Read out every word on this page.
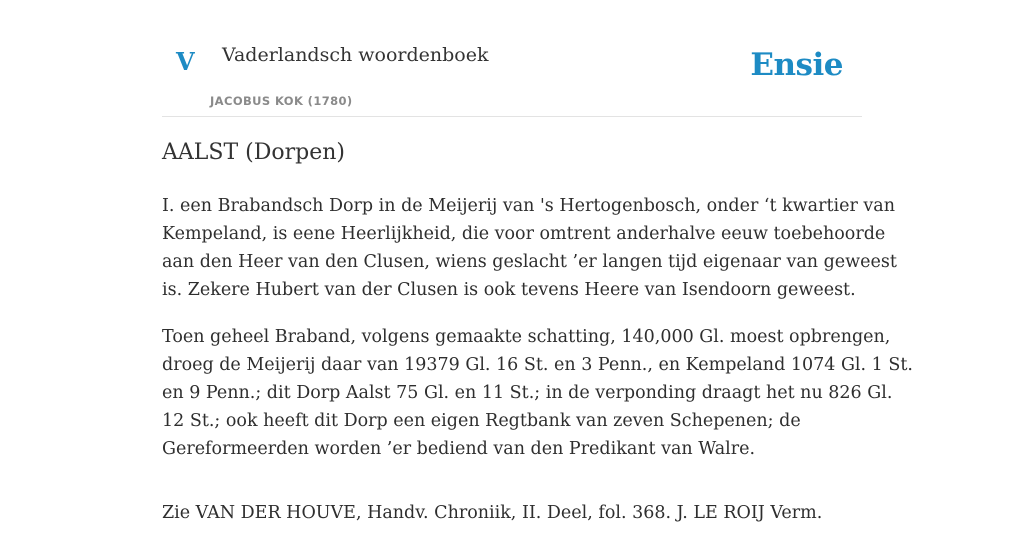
V Vaderlandsch woordenboek
JACOBUS KOK (1780)
Ensie
AALST (Dorpen)

I. een Brabandsch Dorp in de Meijerij van 's Hertogenbosch, onder ‘t kwartier van
Kempeland, is eene Heerlijkheid, die voor omtrent anderhalve eeuw toebehoorde
aan den Heer van den Clusen, wiens geslacht ’er langen tijd eigenaar van geweest
is. Zekere Hubert van der Clusen is ook tevens Heere van Isendoorn geweest.

Toen geheel Braband, volgens gemaakte schatting, 140,000 Gl. moest opbrengen,
droeg de Meijerij daar van 19379 Gl. 16 St. en 3 Penn., en Kempeland 1074 Gl. 1 St.
en 9 Penn.; dit Dorp Aalst 75 Gl. en 11 St.; in de verponding draagt het nu 826 Gl.
12 St.; ook heeft dit Dorp een eigen Regtbank van zeven Schepenen; de
Gereformeerden worden ’er bediend van den Predikant van Walre.

Zie VAN DER HOUVE, Handv. Chroniik, II. Deel, fol. 368. J. LE ROIJ Verm.
